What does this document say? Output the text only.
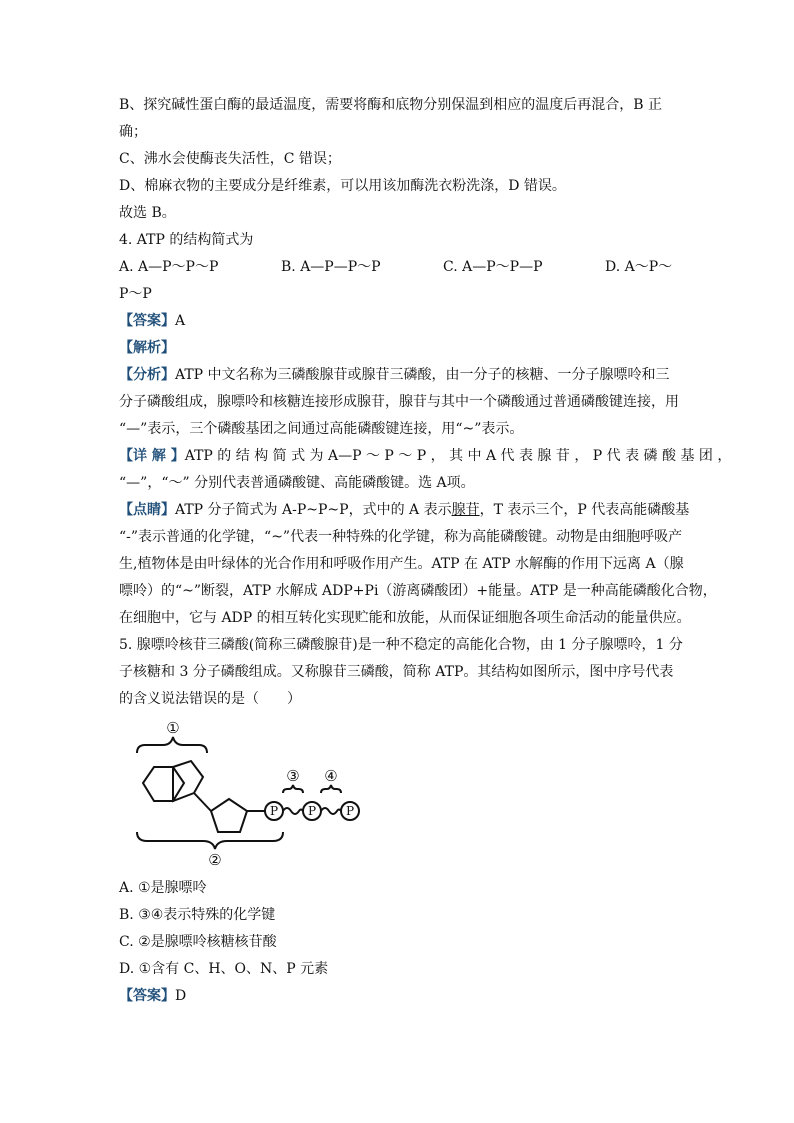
B、探究碱性蛋白酶的最适温度，需要将酶和底物分别保温到相应的温度后再混合，B 正
确；
C、沸水会使酶丧失活性，C 错误；
D、棉麻衣物的主要成分是纤维素，可以用该加酶洗衣粉洗涤，D 错误。
故选 B。
4. ATP 的结构简式为
A. A—P～P～P	B. A—P—P～P	C. A—P～P—P	D. A～P～
P～P
【答案】A
【解析】
【分析】ATP 中文名称为三磷酸腺苷或腺苷三磷酸，由一分子的核糖、一分子腺嘌呤和三
分子磷酸组成，腺嘌呤和核糖连接形成腺苷，腺苷与其中一个磷酸通过普通磷酸键连接，用
“—”表示，三个磷酸基团之间通过高能磷酸键连接，用“~”表示。
【详 解 】ATP 的 结 构 简 式 为 A—P ～ P ～ P ， 其 中 A 代 表 腺 苷 ， P 代 表 磷 酸 基 团 ，
“—”，“～” 分别代表普通磷酸键、高能磷酸键。选 A项。
【点睛】ATP 分子简式为 A-P~P~P，式中的 A 表示腺苷，T 表示三个，P 代表高能磷酸基
“-”表示普通的化学键，“~”代表一种特殊的化学键，称为高能磷酸键。动物是由细胞呼吸产
生,植物体是由叶绿体的光合作用和呼吸作用产生。ATP 在 ATP 水解酶的作用下远离 A（腺
嘌呤）的“~”断裂，ATP 水解成 ADP+Pi（游离磷酸团）+能量。ATP 是一种高能磷酸化合物，
在细胞中，它与 ADP 的相互转化实现贮能和放能，从而保证细胞各项生命活动的能量供应。
5. 腺嘌呤核苷三磷酸(简称三磷酸腺苷)是一种不稳定的高能化合物，由 1 分子腺嘌呤，1 分
子核糖和 3 分子磷酸组成。又称腺苷三磷酸，简称 ATP。其结构如图所示，图中序号代表
的含义说法错误的是（　　）
P P P
①
②
③ ④
A. ①是腺嘌呤
B. ③④表示特殊的化学键
C. ②是腺嘌呤核糖核苷酸
D. ①含有 C、H、O、N、P 元素
【答案】D
